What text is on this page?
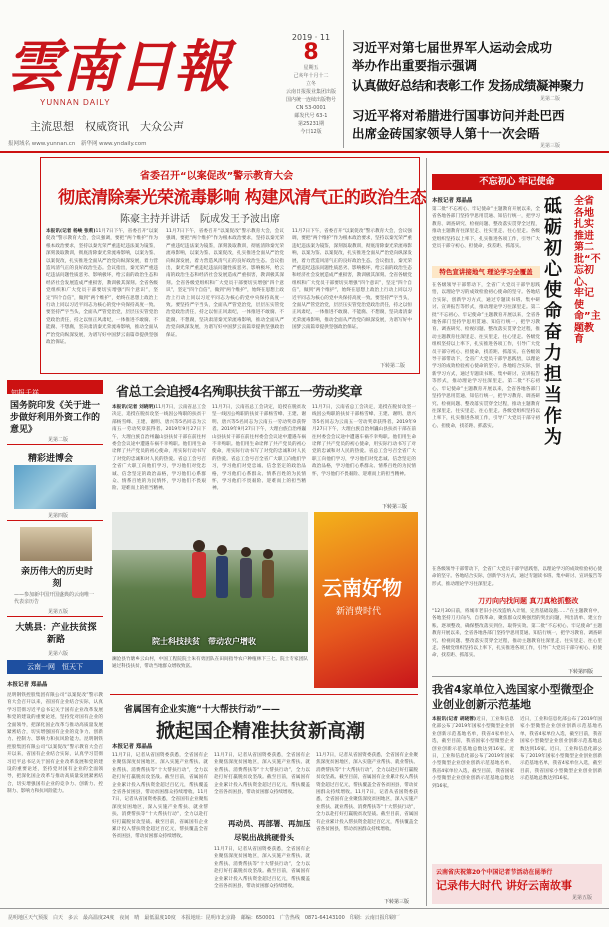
雲南日報
YUNNAN DAILY
主流思想　权威资讯　大众公声
报网域名 www.yunnan.cn　新华网 www.yndaily.com
2019 · 11
8
星期五
己亥年十月十二
立冬
云南日报报业集团出版
国内统一连续出版物号
CN 53-0001
邮发代号 63-1
第25231期
今日12版
习近平对第七届世界军人运动会成功
举办作出重要指示强调
认真做好总结和表彰工作 发扬成绩凝神聚力
见第二版
习近平将对希腊进行国事访问并赴巴西
出席金砖国家领导人第十一次会晤
见第三版
省委召开“以案促改”警示教育大会
彻底清除秦光荣流毒影响 构建风清气正的政治生态
陈豪主持并讲话　阮成发王予波出席
本报讯(记者 杨峻 张莉)11月7日下午，省委召开“以案促改”警示教育大会，会议强调，要把“两个维护”作为根本政治要求，坚持以秦光荣严重违纪违法案为镜鉴，深刻汲取教训，彻底清除秦光荣流毒影响，以案为鉴、以案促改，扎实推进全面从严治党向纵深发展，着力营造风清气正的良好政治生态。会议指出，秦光荣严重违纪违法问题性质恶劣、影响极坏，给云南的政治生态和经济社会发展造成严重损害，教训极其深刻。全省各级党组织和广大党员干部要切实增强“四个意识”，坚定“四个自信”，做到“两个维护”，始终在思想上政治上行动上同以习近平同志为核心的党中央保持高度一致。要坚持严字当头，全面从严管党治党，层层压实管党治党政治责任，持之以恒正风肃纪，一体推进不敢腐、不能腐、不想腐，坚决肃清秦光荣流毒影响，推动全面从严治党向纵深发展，为谱写好中国梦云南篇章提供坚强政治保证。
11月7日下午，省委召开“以案促改”警示教育大会，会议强调，要把“两个维护”作为根本政治要求，坚持以秦光荣严重违纪违法案为镜鉴，深刻汲取教训，彻底清除秦光荣流毒影响，以案为鉴、以案促改，扎实推进全面从严治党向纵深发展，着力营造风清气正的良好政治生态。会议指出，秦光荣严重违纪违法问题性质恶劣、影响极坏，给云南的政治生态和经济社会发展造成严重损害，教训极其深刻。全省各级党组织和广大党员干部要切实增强“四个意识”，坚定“四个自信”，做到“两个维护”，始终在思想上政治上行动上同以习近平同志为核心的党中央保持高度一致。要坚持严字当头，全面从严管党治党，层层压实管党治党政治责任，持之以恒正风肃纪，一体推进不敢腐、不能腐、不想腐，坚决肃清秦光荣流毒影响，推动全面从严治党向纵深发展，为谱写好中国梦云南篇章提供坚强政治保证。
11月7日下午，省委召开“以案促改”警示教育大会，会议强调，要把“两个维护”作为根本政治要求，坚持以秦光荣严重违纪违法案为镜鉴，深刻汲取教训，彻底清除秦光荣流毒影响，以案为鉴、以案促改，扎实推进全面从严治党向纵深发展，着力营造风清气正的良好政治生态。会议指出，秦光荣严重违纪违法问题性质恶劣、影响极坏，给云南的政治生态和经济社会发展造成严重损害，教训极其深刻。全省各级党组织和广大党员干部要切实增强“四个意识”，坚定“四个自信”，做到“两个维护”，始终在思想上政治上行动上同以习近平同志为核心的党中央保持高度一致。要坚持严字当头，全面从严管党治党，层层压实管党治党政治责任，持之以恒正风肃纪，一体推进不敢腐、不能腐、不想腐，坚决肃清秦光荣流毒影响，推动全面从严治党向纵深发展，为谱写好中国梦云南篇章提供坚强政治保证。
下转第二版
知报千祥
国务院印发《关于进一步做好利用外资工作的意见》
见第二版
精彩进博会
见第四版
亲历伟大的历史时刻
——参加新中国开国盛典的云南唯一代表亲历告
见第五版
大姚县：产业扶贫探新路
见第六版
云南一网　恒天下
本报记者 郑晶晶
昆明钢铁控股集团有限公司“以案促改”警示教育大会召开以来，省国有企业结合实际，认真学习贯彻习近平总书记关于国有企业改革发展和党的建设的重要论述，坚持党对国有企业的全面领导，把深化国企改革与推动高质量发展紧密结合，切实增强国有企业的竞争力、创新力、控制力、影响力和抗风险能力。昆明钢铁控股集团有限公司“以案促改”警示教育大会召开以来，省国有企业结合实际，认真学习贯彻习近平总书记关于国有企业改革发展和党的建设的重要论述，坚持党对国有企业的全面领导，把深化国企改革与推动高质量发展紧密结合，切实增强国有企业的竞争力、创新力、控制力、影响力和抗风险能力。
省总工会追授4名殉职扶贫干部五一劳动奖章
本报讯(记者 刘晓明)11月7日，云南省总工会决定，追授在脱贫攻坚一线因公殉职的扶贫干部杨雪峰、王建、谢明、唐兴等5名同志为云南五一劳动奖章获得者。2019年9月27日下午，大理白族自治州巍山县扶贫干部在前往村委会会议途中遭遇车祸不幸殉职。他们用生命诠释了共产党员的初心使命，用实际行动书写了对党的忠诚和对人民的热爱。省总工会号召全省广大职工向他们学习，学习他们对党忠诚、信念坚定的政治品格，学习他们心系群众、情系百姓的为民情怀，学习他们不畏艰险、迎难而上的担当精神。
11月7日，云南省总工会决定，追授在脱贫攻坚一线因公殉职的扶贫干部杨雪峰、王建、谢明、唐兴等5名同志为云南五一劳动奖章获得者。2019年9月27日下午，大理白族自治州巍山县扶贫干部在前往村委会会议途中遭遇车祸不幸殉职。他们用生命诠释了共产党员的初心使命，用实际行动书写了对党的忠诚和对人民的热爱。省总工会号召全省广大职工向他们学习，学习他们对党忠诚、信念坚定的政治品格，学习他们心系群众、情系百姓的为民情怀，学习他们不畏艰险、迎难而上的担当精神。
11月7日，云南省总工会决定，追授在脱贫攻坚一线因公殉职的扶贫干部杨雪峰、王建、谢明、唐兴等5名同志为云南五一劳动奖章获得者。2019年9月27日下午，大理白族自治州巍山县扶贫干部在前往村委会会议途中遭遇车祸不幸殉职。他们用生命诠释了共产党员的初心使命，用实际行动书写了对党的忠诚和对人民的热爱。省总工会号召全省广大职工向他们学习，学习他们对党忠诚、信念坚定的政治品格，学习他们心系群众、情系百姓的为民情怀，学习他们不畏艰险、迎难而上的担当精神。
下转第三版
院士科技扶贫　带动农户增收
澜沧县竹塘乡云山村，中国工程院院士朱有勇团队在田间指导农户种植林下三七。院士专家团队通过科技扶贫，带动当地群众增收致富。
云南好物
新消费时代
省属国有企业实施“十大帮扶行动”——
掀起国企精准扶贫新高潮
本报记者 郑晶晶
11月7日，记者从省国资委获悉，全省国有企业聚焦深度贫困地区，深入实施产业帮扶、就业帮扶、消费帮扶等“十大帮扶行动”，全力以赴打好打赢脱贫攻坚战。截至目前，省属国有企业累计投入帮扶资金超过百亿元，帮扶覆盖全省各贫困县，带动贫困群众持续增收。11月7日，记者从省国资委获悉，全省国有企业聚焦深度贫困地区，深入实施产业帮扶、就业帮扶、消费帮扶等“十大帮扶行动”，全力以赴打好打赢脱贫攻坚战。截至目前，省属国有企业累计投入帮扶资金超过百亿元，帮扶覆盖全省各贫困县，带动贫困群众持续增收。
11月7日，记者从省国资委获悉，全省国有企业聚焦深度贫困地区，深入实施产业帮扶、就业帮扶、消费帮扶等“十大帮扶行动”，全力以赴打好打赢脱贫攻坚战。截至目前，省属国有企业累计投入帮扶资金超过百亿元，帮扶覆盖全省各贫困县，带动贫困群众持续增收。
再动员、再部署、再加压
尽锐出战挑硬骨头
11月7日，记者从省国资委获悉，全省国有企业聚焦深度贫困地区，深入实施产业帮扶、就业帮扶、消费帮扶等“十大帮扶行动”，全力以赴打好打赢脱贫攻坚战。截至目前，省属国有企业累计投入帮扶资金超过百亿元，帮扶覆盖全省各贫困县，带动贫困群众持续增收。
11月7日，记者从省国资委获悉，全省国有企业聚焦深度贫困地区，深入实施产业帮扶、就业帮扶、消费帮扶等“十大帮扶行动”，全力以赴打好打赢脱贫攻坚战。截至目前，省属国有企业累计投入帮扶资金超过百亿元，帮扶覆盖全省各贫困县，带动贫困群众持续增收。11月7日，记者从省国资委获悉，全省国有企业聚焦深度贫困地区，深入实施产业帮扶、就业帮扶、消费帮扶等“十大帮扶行动”，全力以赴打好打赢脱贫攻坚战。截至目前，省属国有企业累计投入帮扶资金超过百亿元，帮扶覆盖全省各贫困县，带动贫困群众持续增收。
下转第三版
不忘初心 牢记使命
本报记者 郑晶晶	砥砺初心使命 奋力担当作为
全省各地扎实推进第二批“不忘初心、牢记使命”主题教育
第二批“不忘初心、牢记使命”主题教育开展以来，全省各地各部门坚持学思用贯通、知信行统一，把学习教育、调查研究、检视问题、整改落实贯穿全过程，推动主题教育往深里走、往实里走、往心里走。各级党组织坚持以上率下，扎实推进各项工作，引导广大党员干部守初心、担使命，找差距、抓落实。
特色宣讲接地气 理论学习全覆盖
在各级领导干部带动下，全省广大党员干部学思践悟，以理论学习的成效检验初心使命的坚守。各地结合实际，创新学习方式，通过专题读书班、集中研讨、宣讲报告等形式，推动理论学习往深里走。第二批“不忘初心、牢记使命”主题教育开展以来，全省各地各部门坚持学思用贯通、知信行统一，把学习教育、调查研究、检视问题、整改落实贯穿全过程，推动主题教育往深里走、往实里走、往心里走。各级党组织坚持以上率下，扎实推进各项工作，引导广大党员干部守初心、担使命，找差距、抓落实。在各级领导干部带动下，全省广大党员干部学思践悟，以理论学习的成效检验初心使命的坚守。各地结合实际，创新学习方式，通过专题读书班、集中研讨、宣讲报告等形式，推动理论学习往深里走。第二批“不忘初心、牢记使命”主题教育开展以来，全省各地各部门坚持学思用贯通、知信行统一，把学习教育、调查研究、检视问题、整改落实贯穿全过程，推动主题教育往深里走、往实里走、往心里走。各级党组织坚持以上率下，扎实推进各项工作，引导广大党员干部守初心、担使命，找差距、抓落实。
在各级领导干部带动下，全省广大党员干部学思践悟，以理论学习的成效检验初心使命的坚守。各地结合实际，创新学习方式，通过专题读书班、集中研讨、宣讲报告等形式，推动理论学习往深里走。
刀刃向内找问题 真刀真枪抓整改
“12月30日前，将城市老旧小区改造纳入计划，完善基础设施……”在主题教育中，各地坚持刀刃向内、自我革命，聚焦群众反映强烈的突出问题，列出清单、建立台账、逐项整改，确保整改落实到位、取得实效。第二批“不忘初心、牢记使命”主题教育开展以来，全省各地各部门坚持学思用贯通、知信行统一，把学习教育、调查研究、检视问题、整改落实贯穿全过程，推动主题教育往深里走、往实里走、往心里走。各级党组织坚持以上率下，扎实推进各项工作，引导广大党员干部守初心、担使命，找差距、抓落实。
下转第四版
我省4家单位入选国家小型微型企业创业创新示范基地
本报讯(记者 胡晓蓉)近日，工业和信息化部公布了2019年国家小型微型企业创业创新示范基地名单，我省4家单位入选，截至目前，我省国家小型微型企业创业创新示范基地总数达到16家。近日，工业和信息化部公布了2019年国家小型微型企业创业创新示范基地名单，我省4家单位入选，截至目前，我省国家小型微型企业创业创新示范基地总数达到16家。
近日，工业和信息化部公布了2019年国家小型微型企业创业创新示范基地名单，我省4家单位入选，截至目前，我省国家小型微型企业创业创新示范基地总数达到16家。近日，工业和信息化部公布了2019年国家小型微型企业创业创新示范基地名单，我省4家单位入选，截至目前，我省国家小型微型企业创业创新示范基地总数达到16家。
云南省庆祝第20个中国记者节活动在昆举行
记录伟大时代 讲好云南故事
见第五版
昆明地区天气预报　白天　多云　最高温度24度　夜间　晴　最低温度10度　本报地址：昆明市北京路　邮编：650001　广告热线　0871-64143100　印刷：云南日报印刷厂
